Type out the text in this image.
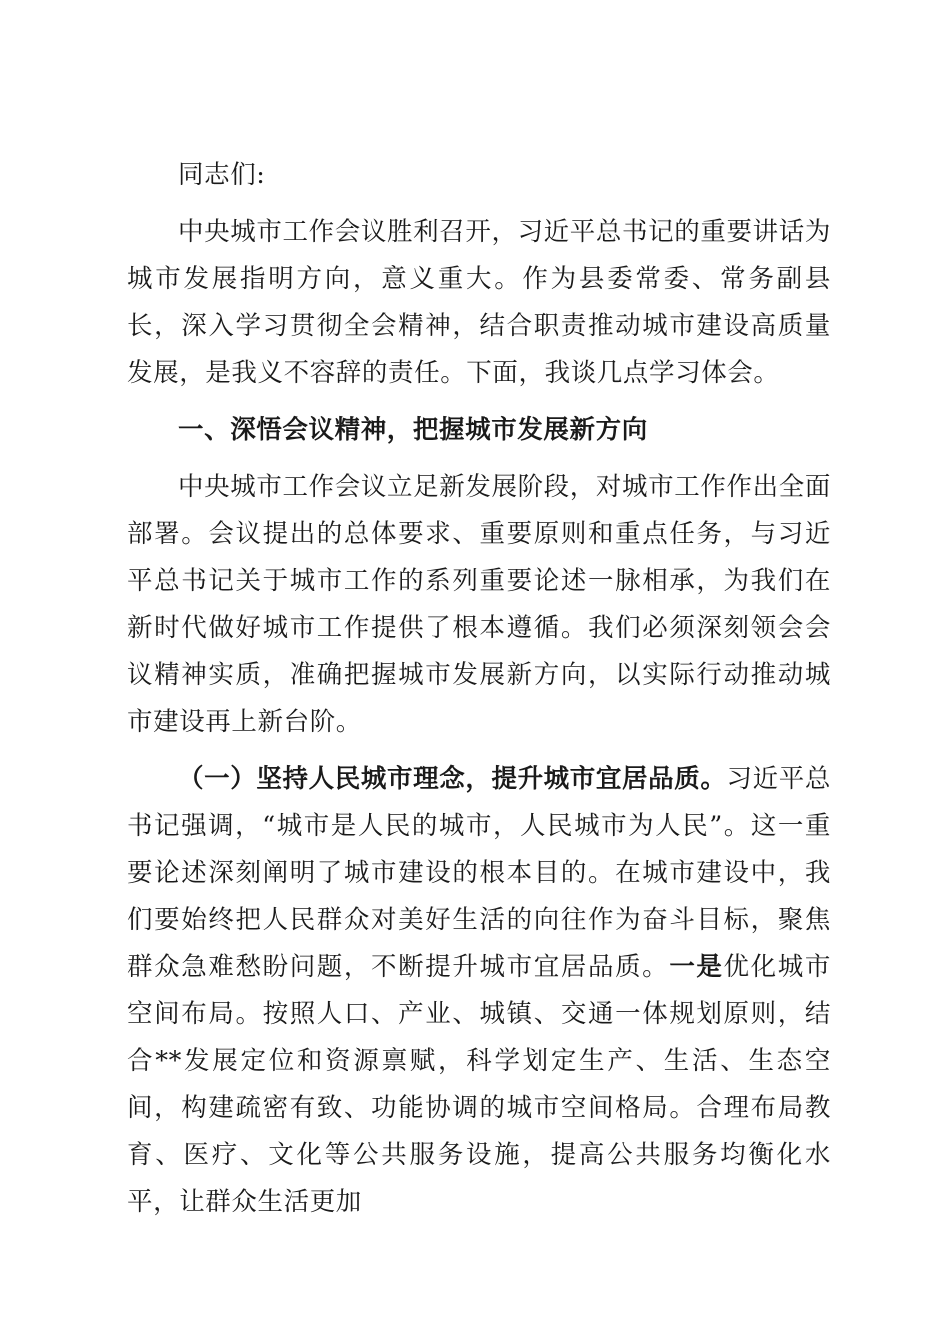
同志们:

中央城市工作会议胜利召开，习近平总书记的重要讲话为城市发展指明方向，意义重大。作为县委常委、常务副县长，深入学习贯彻全会精神，结合职责推动城市建设高质量发展，是我义不容辞的责任。下面，我谈几点学习体会。

一、深悟会议精神，把握城市发展新方向

中央城市工作会议立足新发展阶段，对城市工作作出全面部署。会议提出的总体要求、重要原则和重点任务，与习近平总书记关于城市工作的系列重要论述一脉相承，为我们在新时代做好城市工作提供了根本遵循。我们必须深刻领会会议精神实质，准确把握城市发展新方向，以实际行动推动城市建设再上新台阶。

（一）坚持人民城市理念，提升城市宜居品质。习近平总书记强调，“城市是人民的城市，人民城市为人民”。这一重要论述深刻阐明了城市建设的根本目的。在城市建设中，我们要始终把人民群众对美好生活的向往作为奋斗目标，聚焦群众急难愁盼问题，不断提升城市宜居品质。一是优化城市空间布局。按照人口、产业、城镇、交通一体规划原则，结合**发展定位和资源禀赋，科学划定生产、生活、生态空间，构建疏密有致、功能协调的城市空间格局。合理布局教育、医疗、文化等公共服务设施，提高公共服务均衡化水平，让群众生活更加
